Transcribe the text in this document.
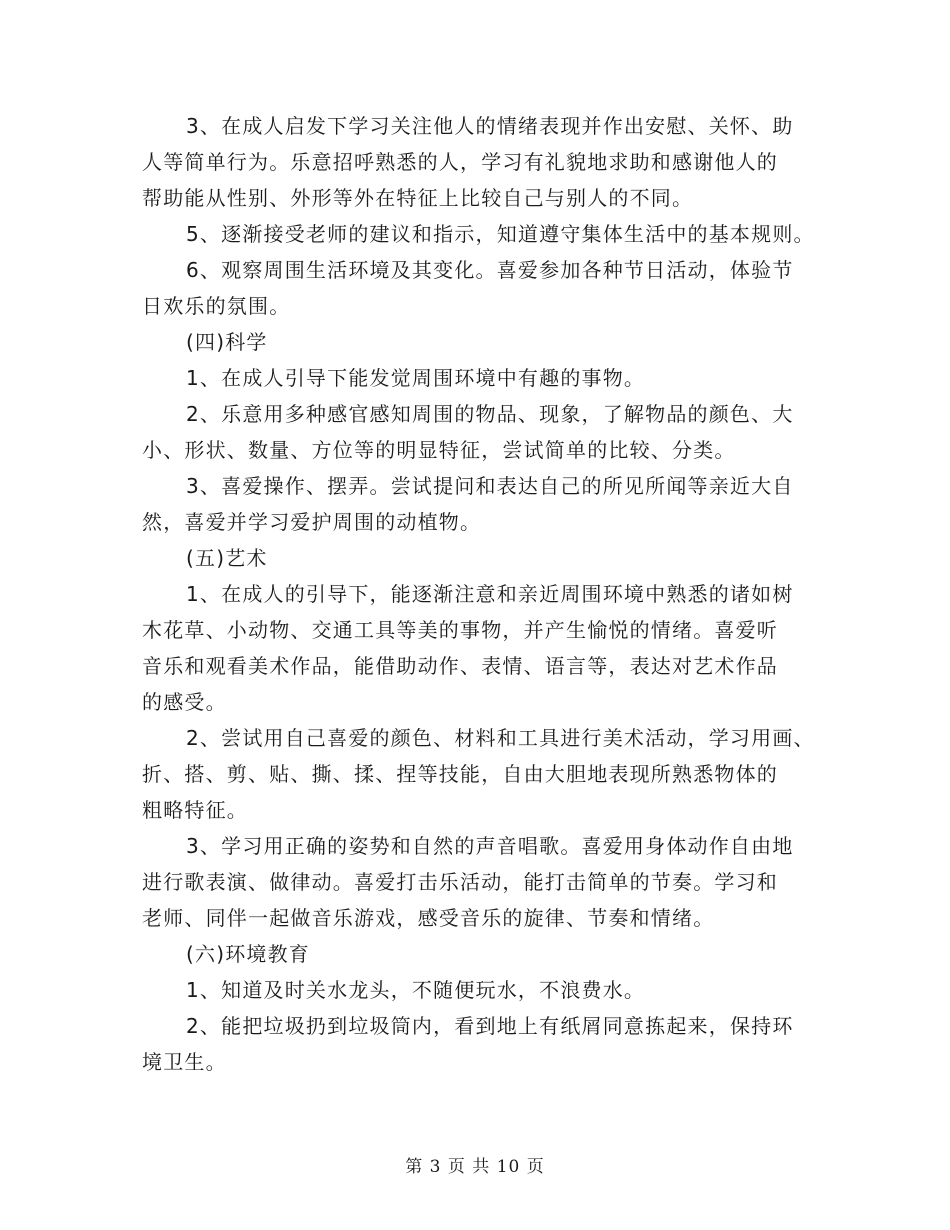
3、在成人启发下学习关注他人的情绪表现并作出安慰、关怀、助
人等简单行为。乐意招呼熟悉的人，学习有礼貌地求助和感谢他人的
帮助能从性别、外形等外在特征上比较自己与别人的不同。
5、逐渐接受老师的建议和指示，知道遵守集体生活中的基本规则。
6、观察周围生活环境及其变化。喜爱参加各种节日活动，体验节
日欢乐的氛围。
(四)科学
1、在成人引导下能发觉周围环境中有趣的事物。
2、乐意用多种感官感知周围的物品、现象，了解物品的颜色、大
小、形状、数量、方位等的明显特征，尝试简单的比较、分类。
3、喜爱操作、摆弄。尝试提问和表达自己的所见所闻等亲近大自
然，喜爱并学习爱护周围的动植物。
(五)艺术
1、在成人的引导下，能逐渐注意和亲近周围环境中熟悉的诸如树
木花草、小动物、交通工具等美的事物，并产生愉悦的情绪。喜爱听
音乐和观看美术作品，能借助动作、表情、语言等，表达对艺术作品
的感受。
2、尝试用自己喜爱的颜色、材料和工具进行美术活动，学习用画、
折、搭、剪、贴、撕、揉、捏等技能，自由大胆地表现所熟悉物体的
粗略特征。
3、学习用正确的姿势和自然的声音唱歌。喜爱用身体动作自由地
进行歌表演、做律动。喜爱打击乐活动，能打击简单的节奏。学习和
老师、同伴一起做音乐游戏，感受音乐的旋律、节奏和情绪。
(六)环境教育
1、知道及时关水龙头，不随便玩水，不浪费水。
2、能把垃圾扔到垃圾筒内，看到地上有纸屑同意拣起来，保持环
境卫生。
第 3 页 共 10 页
